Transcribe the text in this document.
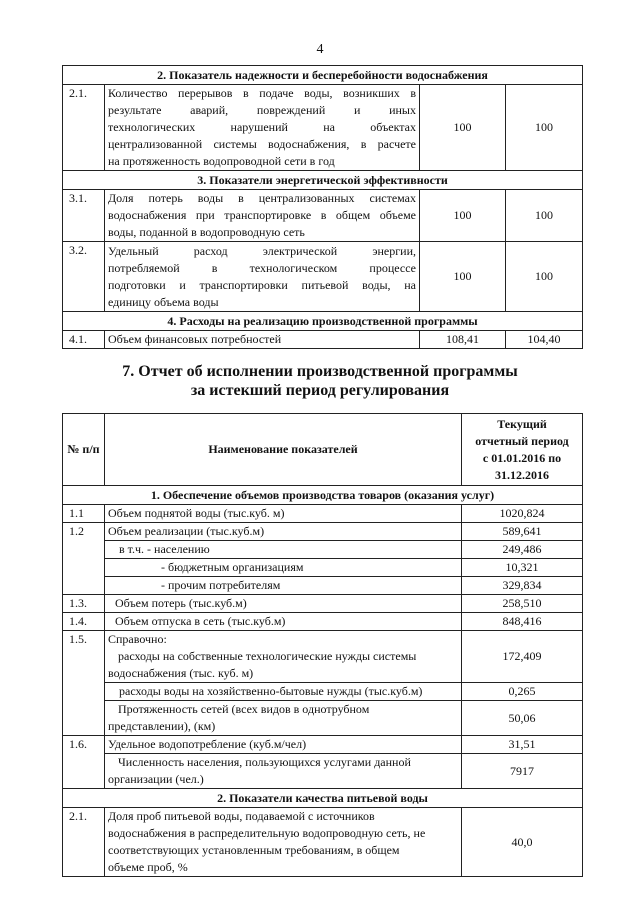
4
2. Показатель надежности и бесперебойности водоснабжения			
2.1.	Количество перерывов в подаче воды, возникших в
результате аварий, повреждений и иных
технологических нарушений на объектах
централизованной системы водоснабжения, в расчете
на протяженность водопроводной сети в год	100	100
3. Показатели энергетической эффективности			
3.1.	Доля потерь воды в централизованных системах
водоснабжения при транспортировке в общем объеме
воды, поданной в водопроводную сеть	100	100
3.2.	Удельный расход электрической энергии,
потребляемой в технологическом процессе
подготовки и транспортировки питьевой воды, на
единицу объема воды	100	100
4. Расходы на реализацию производственной программы			
4.1.	Объем финансовых потребностей	108,41	104,40
7. Отчет об исполнении производственной программы
за истекший период регулирования
№ п/п	Наименование показателей	Текущий
отчетный период
с 01.01.2016 по
31.12.2016

1. Обеспечение объемов производства товаров (оказания услуг)		
1.1	Объем поднятой воды (тыс.куб. м)	1020,824
1.2	Объем реализации (тыс.куб.м)	589,641
	в т.ч. - населению	249,486
	- бюджетным организациям	10,321
	- прочим потребителям	329,834
1.3.	Объем потерь (тыс.куб.м)	258,510
1.4.	Объем отпуска в сеть (тыс.куб.м)	848,416
1.5.	Справочно:
расходы на собственные технологические нужды системы
водоснабжения (тыс. куб. м)	172,409
	расходы воды на хозяйственно-бытовые нужды (тыс.куб.м)	0,265

	Протяженность сетей (всех видов в однотрубном
представлении), (км)	50,06
1.6.	Удельное водопотребление (куб.м/чел)	31,51

	Численность населения, пользующихся услугами данной
организации (чел.)	7917
2. Показатели качества питьевой воды		
2.1.	Доля проб питьевой воды, подаваемой с источников
водоснабжения в распределительную водопроводную сеть, не
соответствующих установленным требованиям, в общем
объеме проб, %	40,0
